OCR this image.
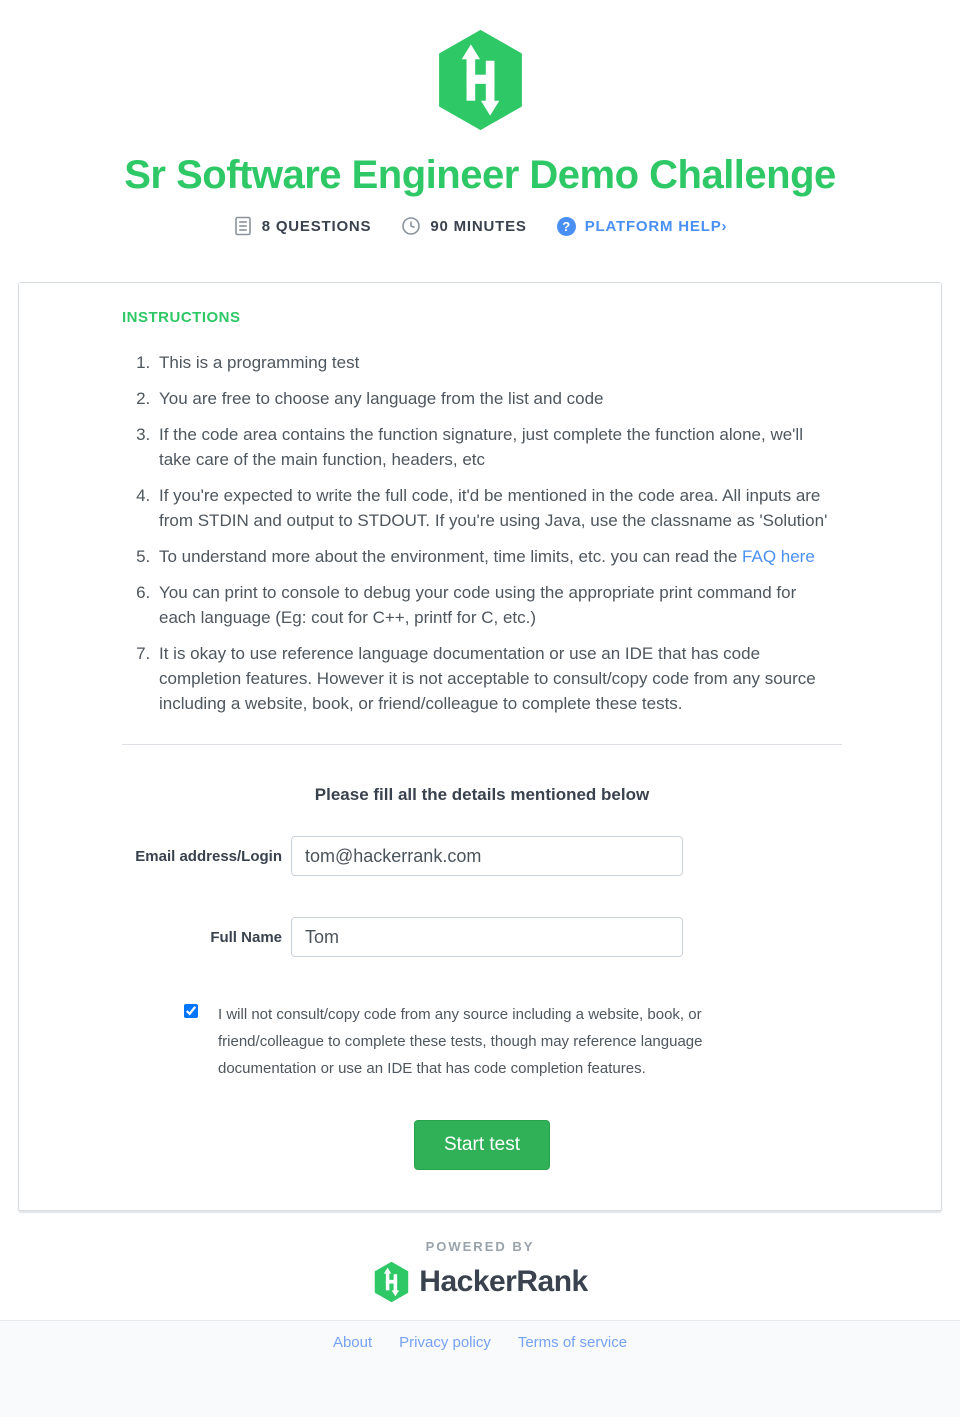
Sr Software Engineer Demo Challenge
8 QUESTIONS	90 MINUTES	? PLATFORM HELP›
INSTRUCTIONS
1. This is a programming test
2. You are free to choose any language from the list and code
3. If the code area contains the function signature, just complete the function alone, we'll take care of the main function, headers, etc
4. If you're expected to write the full code, it'd be mentioned in the code area. All inputs are from STDIN and output to STDOUT. If you're using Java, use the classname as 'Solution'
5. To understand more about the environment, time limits, etc. you can read the FAQ here
6. You can print to console to debug your code using the appropriate print command for each language (Eg: cout for C++, printf for C, etc.)
7. It is okay to use reference language documentation or use an IDE that has code completion features. However it is not acceptable to consult/copy code from any source including a website, book, or friend/colleague to complete these tests.
Please fill all the details mentioned below
Email address/Login
tom@hackerrank.com
Full Name
Tom

I will not consult/copy code from any source including a website, book, or friend/colleague to complete these tests, though may reference language documentation or use an IDE that has code completion features.

Start test
POWERED BY
HackerRank
About Privacy policy Terms of service
